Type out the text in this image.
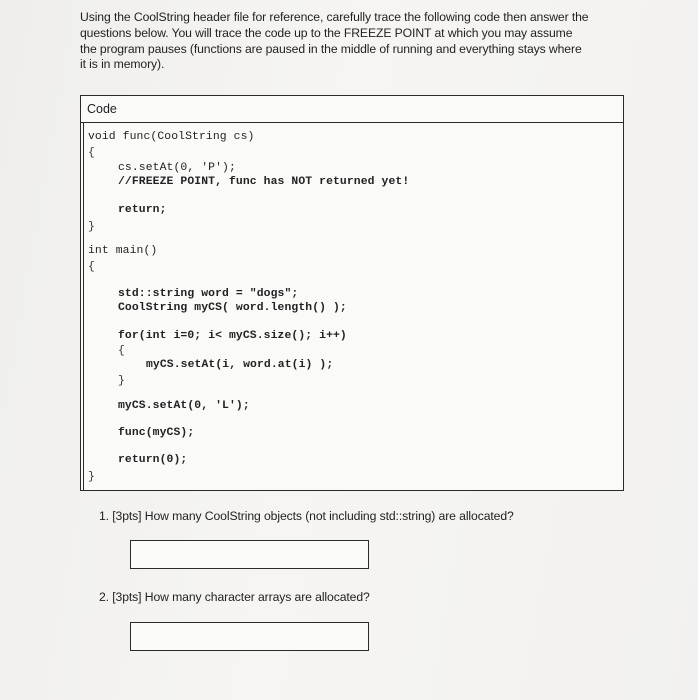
Using the CoolString header file for reference, carefully trace the following code then answer the
questions below. You will trace the code up to the FREEZE POINT at which you may assume
the program pauses (functions are paused in the middle of running and everything stays where
it is in memory).
Code
void func(CoolString cs)
{
cs.setAt(0, 'P');
//FREEZE POINT, func has NOT returned yet!
return;
}
int main()
{
std::string word = "dogs";
CoolString myCS( word.length() );
for(int i=0; i< myCS.size(); i++)
{
myCS.setAt(i, word.at(i) );
}
myCS.setAt(0, 'L');
func(myCS);
return(0);
}
1. [3pts] How many CoolString objects (not including std::string) are allocated?
2. [3pts] How many character arrays are allocated?
